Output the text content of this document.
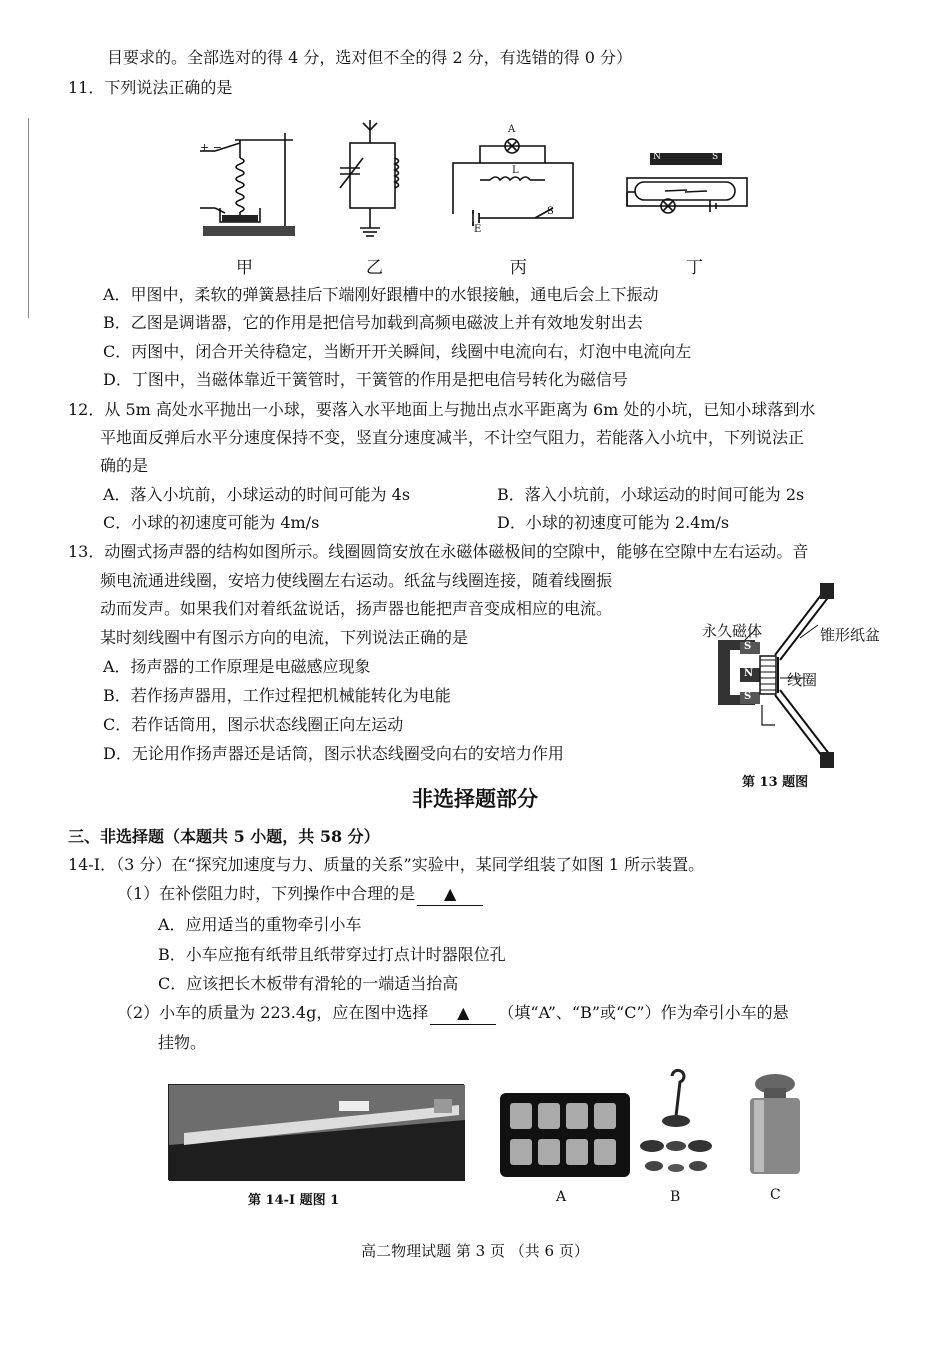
目要求的。全部选对的得 4 分，选对但不全的得 2 分，有选错的得 0 分）
11．下列说法正确的是
+ −
A
L
E
S
N	S
甲	乙	丙	丁
A．甲图中，柔软的弹簧悬挂后下端刚好跟槽中的水银接触，通电后会上下振动
B．乙图是调谐器，它的作用是把信号加载到高频电磁波上并有效地发射出去
C．丙图中，闭合开关待稳定，当断开开关瞬间，线圈中电流向右，灯泡中电流向左
D．丁图中，当磁体靠近干簧管时，干簧管的作用是把电信号转化为磁信号
12．从 5m 高处水平抛出一小球，要落入水平地面上与抛出点水平距离为 6m 处的小坑，已知小球落到水
平地面反弹后水平分速度保持不变，竖直分速度减半，不计空气阻力，若能落入小坑中，下列说法正
确的是
A．落入小坑前，小球运动的时间可能为 4s	B．落入小坑前，小球运动的时间可能为 2s
C．小球的初速度可能为 4m/s	D．小球的初速度可能为 2.4m/s
13．动圈式扬声器的结构如图所示。线圈圆筒安放在永磁体磁极间的空隙中，能够在空隙中左右运动。音
频电流通进线圈，安培力使线圈左右运动。纸盆与线圈连接，随着线圈振
动而发声。如果我们对着纸盆说话，扬声器也能把声音变成相应的电流。
某时刻线圈中有图示方向的电流，下列说法正确的是
A．扬声器的工作原理是电磁感应现象
B．若作扬声器用，工作过程把机械能转化为电能
C．若作话筒用，图示状态线圈正向左运动
D．无论用作扬声器还是话筒，图示状态线圈受向右的安培力作用
永久磁体	锥形纸盆
线圈
S
N
S
第 13 题图
非选择题部分
三、非选择题（本题共 5 小题，共 58 分）
14-I．（3 分）在“探究加速度与力、质量的关系”实验中，某同学组装了如图 1 所示装置。
（1）在补偿阻力时，下列操作中合理的是 ▲
A．应用适当的重物牵引小车
B．小车应拖有纸带且纸带穿过打点计时器限位孔
C．应该把长木板带有滑轮的一端适当抬高
（2）小车的质量为 223.4g，应在图中选择 ▲ （填“A”、“B”或“C”）作为牵引小车的悬
挂物。
第 14-I 题图 1	A	B	C
高二物理试题 第 3 页 （共 6 页）
